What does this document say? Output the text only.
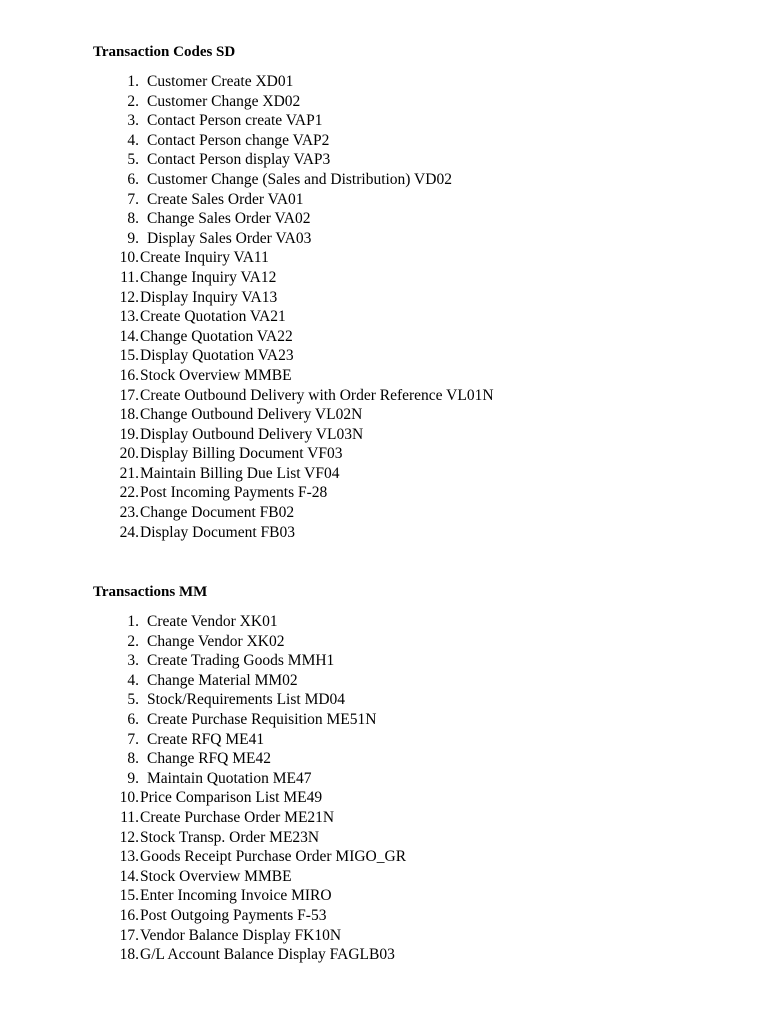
Transaction Codes SD
1. Customer Create XD01
2. Customer Change XD02
3. Contact Person create VAP1
4. Contact Person change VAP2
5. Contact Person display VAP3
6. Customer Change (Sales and Distribution) VD02
7. Create Sales Order VA01
8. Change Sales Order VA02
9. Display Sales Order VA03
10. Create Inquiry VA11
11. Change Inquiry VA12
12. Display Inquiry VA13
13. Create Quotation VA21
14. Change Quotation VA22
15. Display Quotation VA23
16. Stock Overview MMBE
17. Create Outbound Delivery with Order Reference VL01N
18. Change Outbound Delivery VL02N
19. Display Outbound Delivery VL03N
20. Display Billing Document VF03
21. Maintain Billing Due List VF04
22. Post Incoming Payments F-28
23. Change Document FB02
24. Display Document FB03
Transactions MM
1. Create Vendor XK01
2. Change Vendor XK02
3. Create Trading Goods MMH1
4. Change Material MM02
5. Stock/Requirements List MD04
6. Create Purchase Requisition ME51N
7. Create RFQ ME41
8. Change RFQ ME42
9. Maintain Quotation ME47
10. Price Comparison List ME49
11. Create Purchase Order ME21N
12. Stock Transp. Order ME23N
13. Goods Receipt Purchase Order MIGO_GR
14. Stock Overview MMBE
15. Enter Incoming Invoice MIRO
16. Post Outgoing Payments F-53
17. Vendor Balance Display FK10N
18. G/L Account Balance Display FAGLB03
